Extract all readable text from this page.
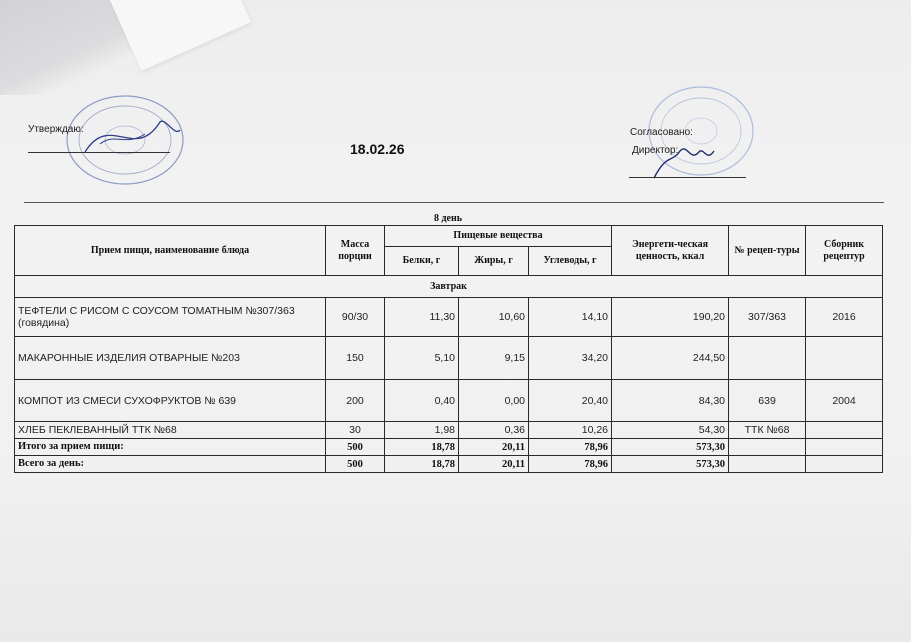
Утверждаю:
18.02.26
Согласовано:
Директор:
8 день
Прием пищи, наименование блюда	Масса порции	Пищевые вещества			Энергети-ческая ценность, ккал	№ рецеп-туры	Сборник рецептур
		Белки, г	Жиры, г	Углеводы, г			
Завтрак							
ТЕФТЕЛИ С РИСОМ С СОУСОМ ТОМАТНЫМ №307/363 (говядина)	90/30	11,30	10,60	14,10	190,20	307/363	2016
МАКАРОННЫЕ ИЗДЕЛИЯ ОТВАРНЫЕ №203	150	5,10	9,15	34,20	244,50		
КОМПОТ ИЗ СМЕСИ СУХОФРУКТОВ № 639	200	0,40	0,00	20,40	84,30	639	2004
ХЛЕБ ПЕКЛЕВАННЫЙ ТТК №68	30	1,98	0,36	10,26	54,30	ТТК №68	
Итого за прием пищи:	500	18,78	20,11	78,96	573,30		
Всего за день:	500	18,78	20,11	78,96	573,30		
